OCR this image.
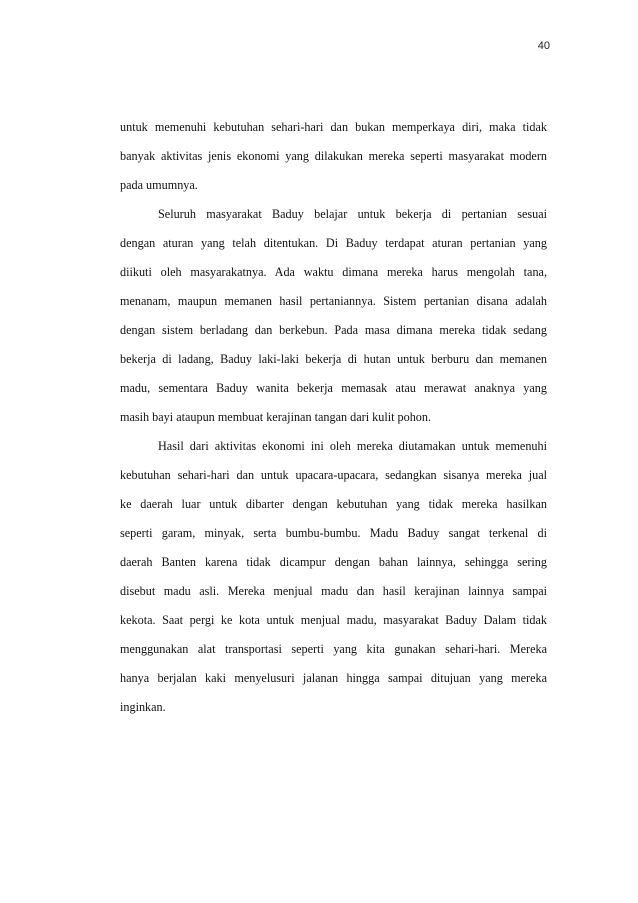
40
untuk memenuhi kebutuhan sehari-hari dan bukan memperkaya diri, maka tidak
banyak aktivitas jenis ekonomi yang dilakukan mereka seperti masyarakat modern
pada umumnya.
Seluruh masyarakat Baduy belajar untuk bekerja di pertanian sesuai
dengan aturan yang telah ditentukan. Di Baduy terdapat aturan pertanian yang
diikuti oleh masyarakatnya. Ada waktu dimana mereka harus mengolah tana,
menanam, maupun memanen hasil pertaniannya. Sistem pertanian disana adalah
dengan sistem berladang dan berkebun. Pada masa dimana mereka tidak sedang
bekerja di ladang, Baduy laki-laki bekerja di hutan untuk berburu dan memanen
madu, sementara Baduy wanita bekerja memasak atau merawat anaknya yang
masih bayi ataupun membuat kerajinan tangan dari kulit pohon.
Hasil dari aktivitas ekonomi ini oleh mereka diutamakan untuk memenuhi
kebutuhan sehari-hari dan untuk upacara-upacara, sedangkan sisanya mereka jual
ke daerah luar untuk dibarter dengan kebutuhan yang tidak mereka hasilkan
seperti garam, minyak, serta bumbu-bumbu. Madu Baduy sangat terkenal di
daerah Banten karena tidak dicampur dengan bahan lainnya, sehingga sering
disebut madu asli. Mereka menjual madu dan hasil kerajinan lainnya sampai
kekota. Saat pergi ke kota untuk menjual madu, masyarakat Baduy Dalam tidak
menggunakan alat transportasi seperti yang kita gunakan sehari-hari. Mereka
hanya berjalan kaki menyelusuri jalanan hingga sampai ditujuan yang mereka
inginkan.
